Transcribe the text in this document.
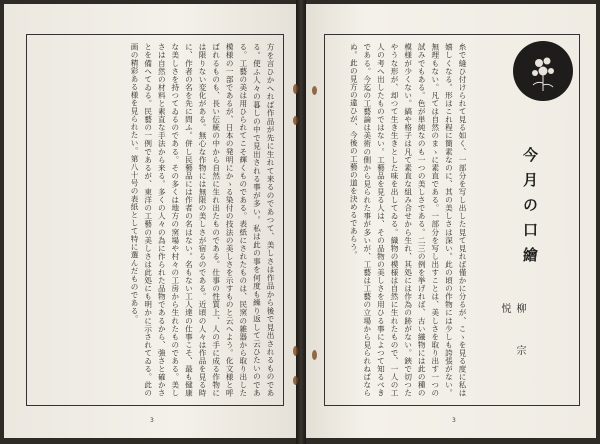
方を言ひかへれば作品が先に生れて来るのであつて、美しさは作品から後で見出されるものである。使ふ人々の暮しの中で見出される事が多い。私は此の事を何度も繰り返して云ひたいのである。工藝の美は用ひられてこそ輝くものである。表紙にされたものは、民窯の雑器から取り出した模様の一部であるが、日本の発明にかゝる染付の技法の美しさを示すものと云へよう。化文様と呼ばれるものも、長い伝統の中から自然に生れ出たものである。仕事の性質上、人の手に成る作物には限りない変化がある。無心な作物には無限の美しさが宿るのである。近頃の人々は作品を見る時に、作者の名を先に問ふ。併し民藝品には作者の名はない。名もない工人達の仕事こそ、最も健康な美しさを持つてゐるのである。その多くは地方の窯場や村々の工房から生れたものである。美しさは自然の材料と素直な手法から来る。多くの人々の為に作られた品物であるから、強さと確かさとを備へてゐる。民藝の一例であるが、東洋の工藝の美しさは此処にも明かに示されてゐる。此の画の精彩ある様を見られたい。第八十号の表紙として特に選んだものである。
3
今月の口繪
柳　宗　悦
糸で縫ひ付けられて見る如く、一部分を写し出した見て見れば僅かに分るが、こゝを見る度に私は嬉しくなる。形はこれ程に簡素なのに、其の美しさは深い。此の頃の作物には少しも誇張がない。無理もない。凡ては自然のまゝに素直である。一部分を写し出すことは、美しさを取り出す一つの試みでもある。色が単純なのも一つの美しさである。二三の例を挙げれば、古い織物には此の種の模様が少くない。縞や格子は凡て素直な組み合せから生れ、其処には作為の跡がない。鋏で切つたやうな形が、却つて生き生きとした味を出してゐる。織物の模様は自然に生れたもので、一人の工人の考へ出したものではない。工藝品を見る人は、その品物の美しさを用ひる事によつて知るべきである。今迄の工藝論は美術の側から見られた事が多いが、工藝は工藝の立場から見られねばならぬ。此の見方の違ひが、今後の工藝の道を決めるであらう。
3
